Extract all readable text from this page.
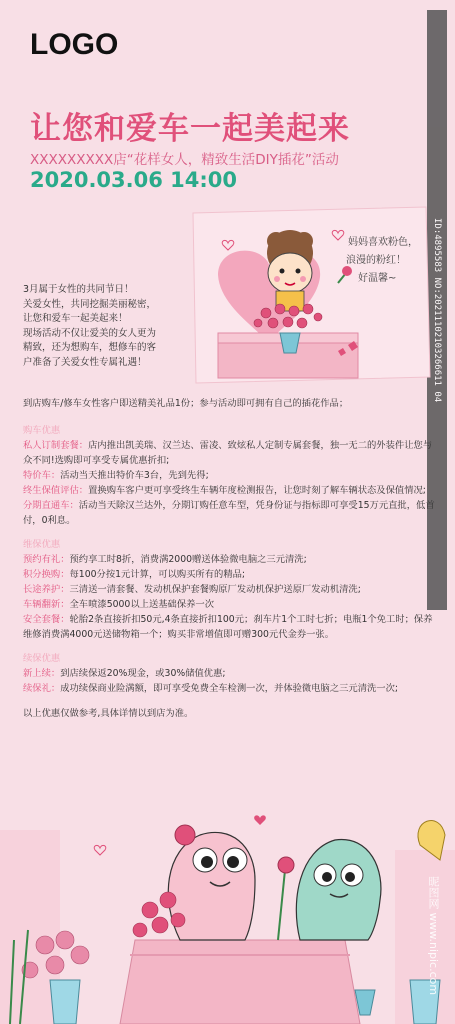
LOGO
ID:4895583 NO:20211102103266611 04
让您和爱车一起美起来
XXXXXXXXX店“花样女人，精致生活DIY插花”活动
2020.03.06 14:00
妈妈喜欢粉色，
浪漫的粉红！
好温馨~
3月属于女性的共同节日！
关爱女性，共同挖掘美丽秘密，
让您和爱车一起美起来！
现场活动不仅让爱美的女人更为
精致，还为想购车，想修车的客
户准备了关爱女性专属礼遇！
到店购车/修车女性客户即送精美礼品1份；参与活动即可拥有自己的插花作品；
购车优惠
私人订制套餐：店内推出凯美瑞、汉兰达、雷凌、致炫私人定制专属套餐，独一无二的外装件让您与众不同!选购即可享受专属优惠折扣;
特价车：活动当天推出特价车3台，先到先得;
终生保值评估：置换购车客户更可享受终生车辆年度检测报告，让您时刻了解车辆状态及保值情况;
分期直通车：活动当天除汉兰达外，分期订购任意车型，凭身份证与指标即可享受15万元直批，低首付，0利息。
维保优惠
预约有礼：预约享工时8折，消费满2000赠送体验微电脑之三元清洗;
积分换购：每100分按1元计算，可以购买所有的精品;
长途养护：三清送一清套餐、发动机保护套餐购原厂发动机保护送原厂发动机清洗;
车辆翻新：全车喷漆5000以上送基础保养一次
安全套餐：轮胎2条直接折扣50元,4条直接折扣100元；刹车片1个工时七折；电瓶1个免工时；保养维修消费满4000元送储物箱一个；购买非常增值即可赠300元代金券一张。
续保优惠
新上续：到店续保返20%现金，或30%储值优惠;
续保礼：成功续保商业险满额，即可享受免费全车检测一次，并体验微电脑之三元清洗一次;
以上优惠仅做参考,具体详情以到店为准。
昵图网 www.nipic.com
